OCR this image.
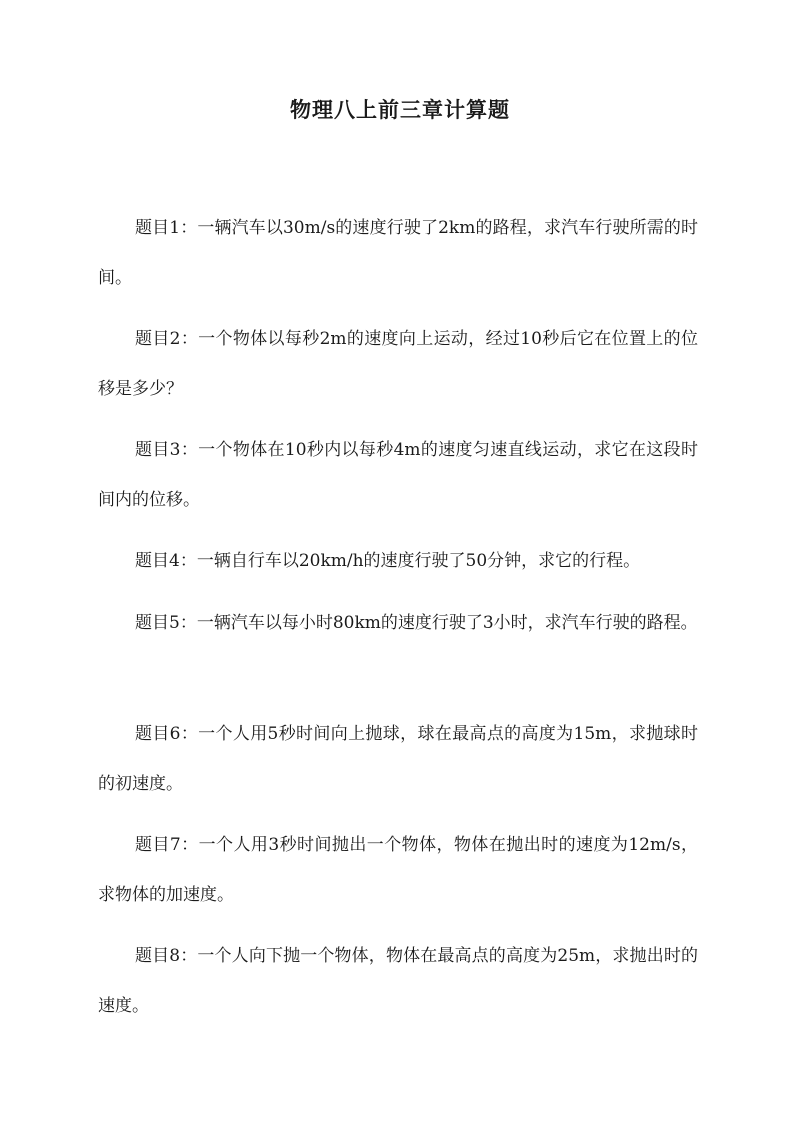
物理八上前三章计算题

题目1：一辆汽车以30m/s的速度行驶了2km的路程，求汽车行驶所需的时间。

题目2：一个物体以每秒2m的速度向上运动，经过10秒后它在位置上的位移是多少？

题目3：一个物体在10秒内以每秒4m的速度匀速直线运动，求它在这段时间内的位移。

题目4：一辆自行车以20km/h的速度行驶了50分钟，求它的行程。

题目5：一辆汽车以每小时80km的速度行驶了3小时，求汽车行驶的路程。

题目6：一个人用5秒时间向上抛球，球在最高点的高度为15m，求抛球时的初速度。

题目7：一个人用3秒时间抛出一个物体，物体在抛出时的速度为12m/s，求物体的加速度。

题目8：一个人向下抛一个物体，物体在最高点的高度为25m，求抛出时的速度。
